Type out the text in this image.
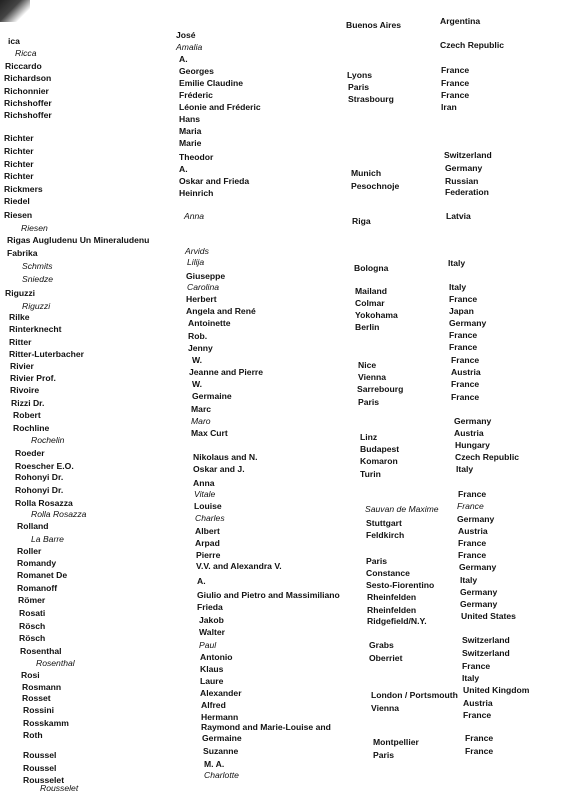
ica
Ricca
Riccardo
Richardson
Richonnier
Richshoffer
Richshoffer
Richter
Richter
Richter
Richter
Rickmers
Riedel
Riesen
Riesen
Rigas Augludenu Un Mineraludenu
Fabrika
Schmits
Sniedze
Riguzzi
Riguzzi
Rilke
Rinterknecht
Ritter
Ritter-Luterbacher
Rivier
Rivier Prof.
Rivoire
Rizzi Dr.
Robert
Rochline
Rochelin
Roeder
Roescher E.O.
Rohonyi Dr.
Rohonyi Dr.
Rolla Rosazza
Rolla Rosazza
Rolland
La Barre
Roller
Romandy
Romanet De
Romanoff
Römer
Rosati
Rösch
Rösch
Rosenthal
Rosenthal
Rosi
Rosmann
Rosset
Rossini
Rosskamm
Roth
Roussel
Roussel
Rousselet
Rousselet
José
Amalia
A.
Georges
Emilie Claudine
Fréderic
Léonie and Fréderic
Hans
Maria
Marie
Theodor
A.
Oskar and Frieda
Heinrich
Anna
Arvids
Lilija
Giuseppe
Carolina
Herbert
Angela and René
Antoinette
Rob.
Jenny
W.
Jeanne and Pierre
W.
Germaine
Marc
Maro
Max Curt
Nikolaus and N.
Oskar and J.
Anna
Vitale
Louise
Charles
Albert
Arpad
Pierre
V.V. and Alexandra V.
A.
Giulio and Pietro and Massimiliano
Frieda
Jakob
Walter
Paul
Antonio
Klaus
Laure
Alexander
Alfred
Hermann
Raymond and Marie-Louise and
Germaine
Suzanne
M. A.
Charlotte
Buenos Aires
Lyons
Paris
Strasbourg
Munich
Pesochnoje
Riga
Bologna
Mailand
Colmar
Yokohama
Berlin
Nice
Vienna
Sarrebourg
Paris
Linz
Budapest
Komaron
Turin
Sauvan de Maxime
Stuttgart
Feldkirch
Paris
Constance
Sesto-Fiorentino
Rheinfelden
Rheinfelden
Ridgefield/N.Y.
Grabs
Oberriet
London / Portsmouth
Vienna
Montpellier
Paris
Argentina
Czech Republic
France
France
France
Iran
Switzerland
Germany
Russian
Federation
Latvia
Italy
Italy
France
Japan
Germany
France
France
France
Austria
France
France
Germany
Austria
Hungary
Czech Republic
Italy
France
France
Germany
Austria
France
France
Germany
Italy
Germany
Germany
United States
Switzerland
Switzerland
France
Italy
United Kingdom
Austria
France
France
France
